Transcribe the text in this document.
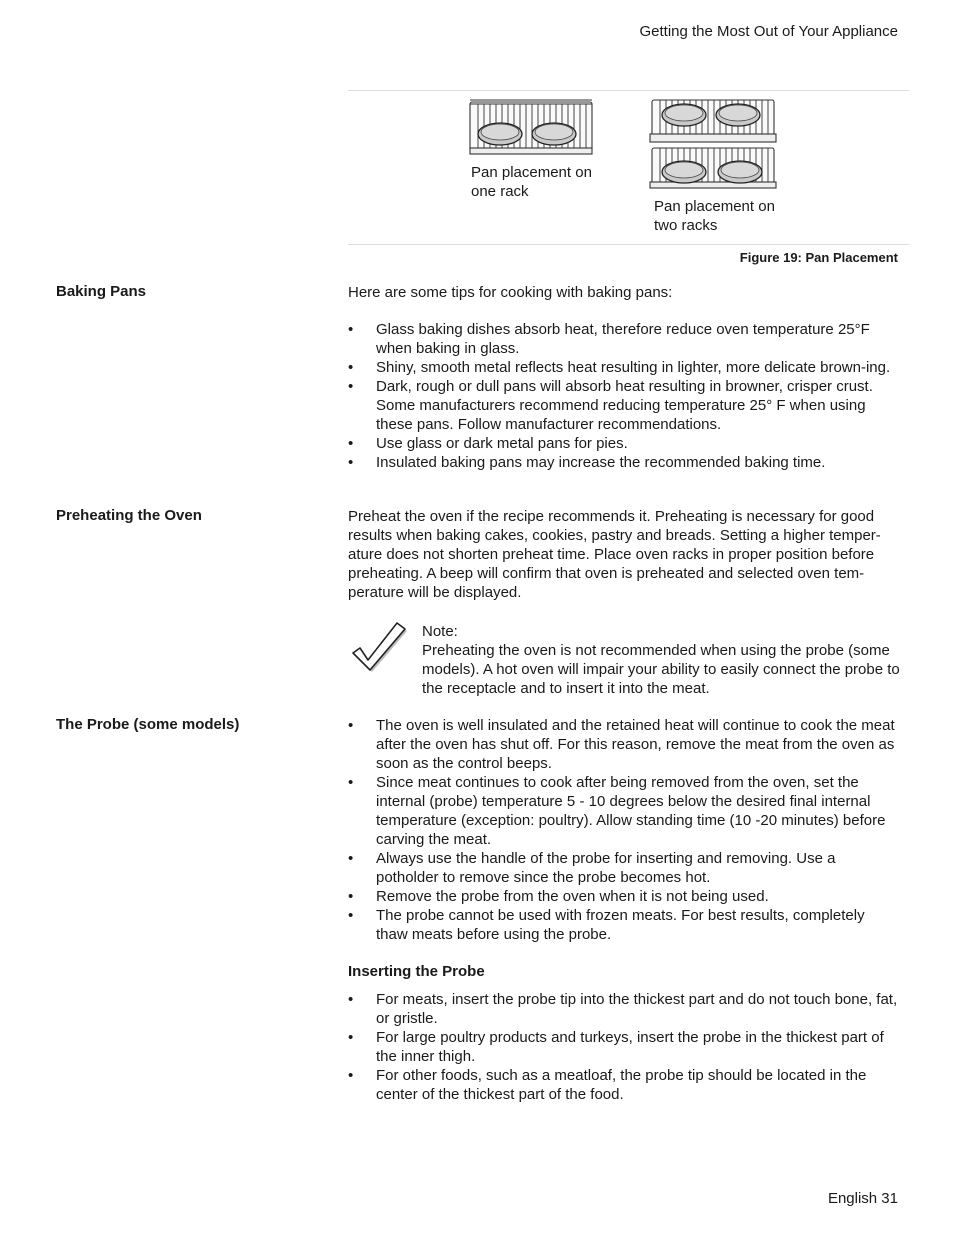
Getting the Most Out of Your Appliance
Pan placement on
one rack
Pan placement on
two racks
Figure 19: Pan Placement
Baking Pans	Here are some tips for cooking with baking pans:

• Glass baking dishes absorb heat, therefore reduce oven temperature 25°F when baking in glass.
• Shiny, smooth metal reflects heat resulting in lighter, more delicate brown-ing.
• Dark, rough or dull pans will absorb heat resulting in browner, crisper crust. Some manufacturers recommend reducing temperature 25° F when using these pans. Follow manufacturer recommendations.
• Use glass or dark metal pans for pies.
• Insulated baking pans may increase the recommended baking time.
Preheating the Oven	Preheat the oven if the recipe recommends it. Preheating is necessary for good results when baking cakes, cookies, pastry and breads. Setting a higher temper-ature does not shorten preheat time. Place oven racks in proper position before preheating. A beep will confirm that oven is preheated and selected oven tem-perature will be displayed.
Note:
Preheating the oven is not recommended when using the probe (some models). A hot oven will impair your ability to easily connect the probe to the receptacle and to insert it into the meat.
The Probe (some models)
•	The oven is well insulated and the retained heat will continue to cook the meat after the oven has shut off. For this reason, remove the meat from the oven as soon as the control beeps.
• Since meat continues to cook after being removed from the oven, set the internal (probe) temperature 5 - 10 degrees below the desired final internal temperature (exception: poultry). Allow standing time (10 -20 minutes) before carving the meat.
• Always use the handle of the probe for inserting and removing. Use a potholder to remove since the probe becomes hot.
• Remove the probe from the oven when it is not being used.
• The probe cannot be used with frozen meats. For best results, completely thaw meats before using the probe.
Inserting the Probe
• For meats, insert the probe tip into the thickest part and do not touch bone, fat, or gristle.
• For large poultry products and turkeys, insert the probe in the thickest part of the inner thigh.
• For other foods, such as a meatloaf, the probe tip should be located in the center of the thickest part of the food.
English 31
